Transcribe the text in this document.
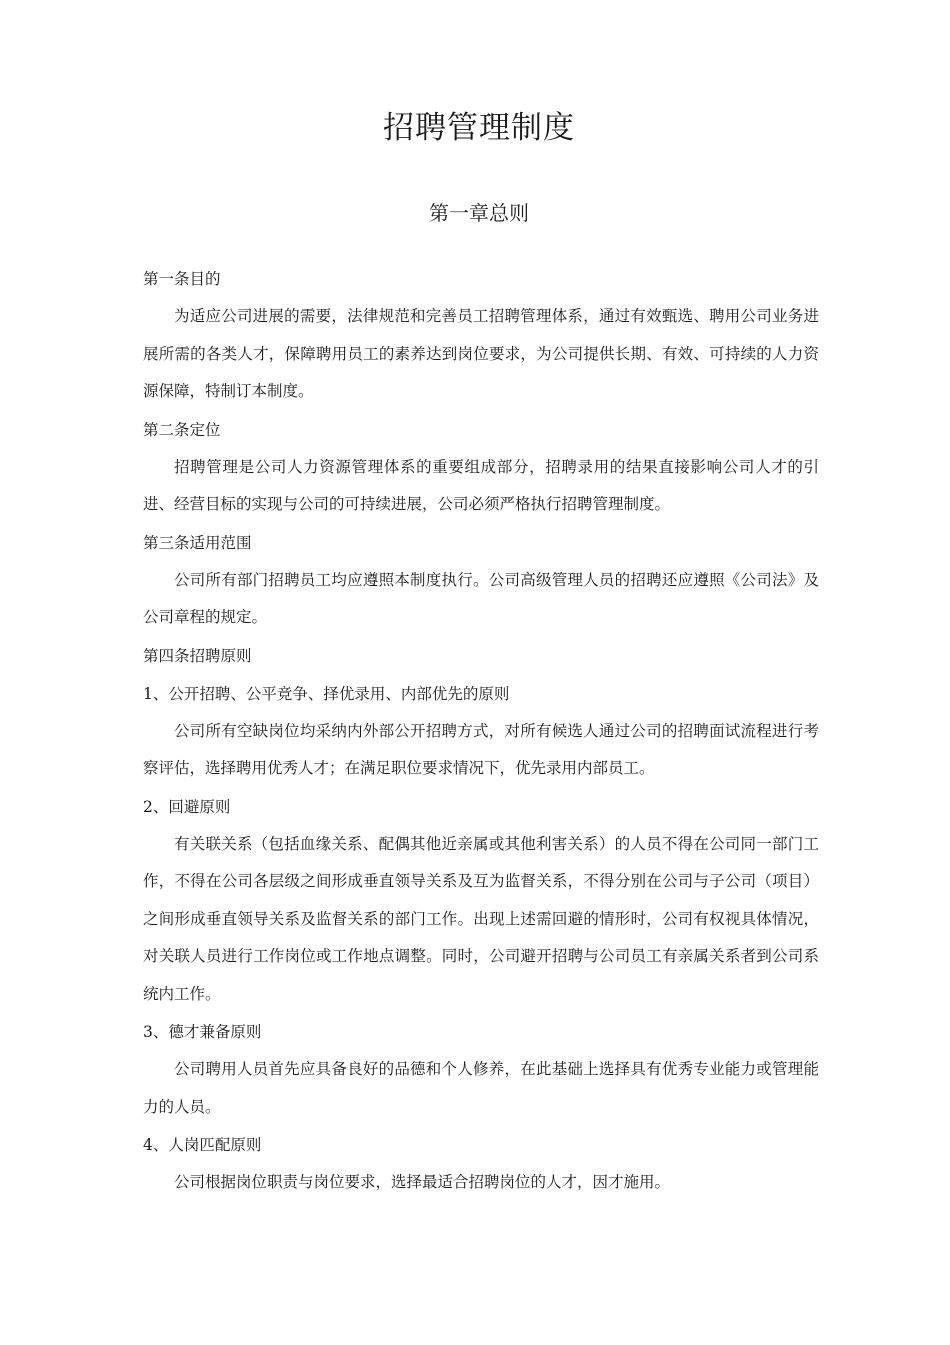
招聘管理制度
第一章总则
第一条目的
为适应公司进展的需要，法律规范和完善员工招聘管理体系，通过有效甄选、聘用公司业务进展所需的各类人才，保障聘用员工的素养达到岗位要求，为公司提供长期、有效、可持续的人力资源保障，特制订本制度。
第二条定位
招聘管理是公司人力资源管理体系的重要组成部分，招聘录用的结果直接影响公司人才的引进、经营目标的实现与公司的可持续进展，公司必须严格执行招聘管理制度。
第三条适用范围
公司所有部门招聘员工均应遵照本制度执行。公司高级管理人员的招聘还应遵照《公司法》及公司章程的规定。
第四条招聘原则
1、公开招聘、公平竞争、择优录用、内部优先的原则
公司所有空缺岗位均采纳内外部公开招聘方式，对所有候选人通过公司的招聘面试流程进行考察评估，选择聘用优秀人才；在满足职位要求情况下，优先录用内部员工。
2、回避原则
有关联关系（包括血缘关系、配偶其他近亲属或其他利害关系）的人员不得在公司同一部门工作，不得在公司各层级之间形成垂直领导关系及互为监督关系，不得分别在公司与子公司（项目）之间形成垂直领导关系及监督关系的部门工作。出现上述需回避的情形时，公司有权视具体情况，对关联人员进行工作岗位或工作地点调整。同时，公司避开招聘与公司员工有亲属关系者到公司系统内工作。
3、德才兼备原则
公司聘用人员首先应具备良好的品德和个人修养，在此基础上选择具有优秀专业能力或管理能力的人员。
4、人岗匹配原则
公司根据岗位职责与岗位要求，选择最适合招聘岗位的人才，因才施用。
